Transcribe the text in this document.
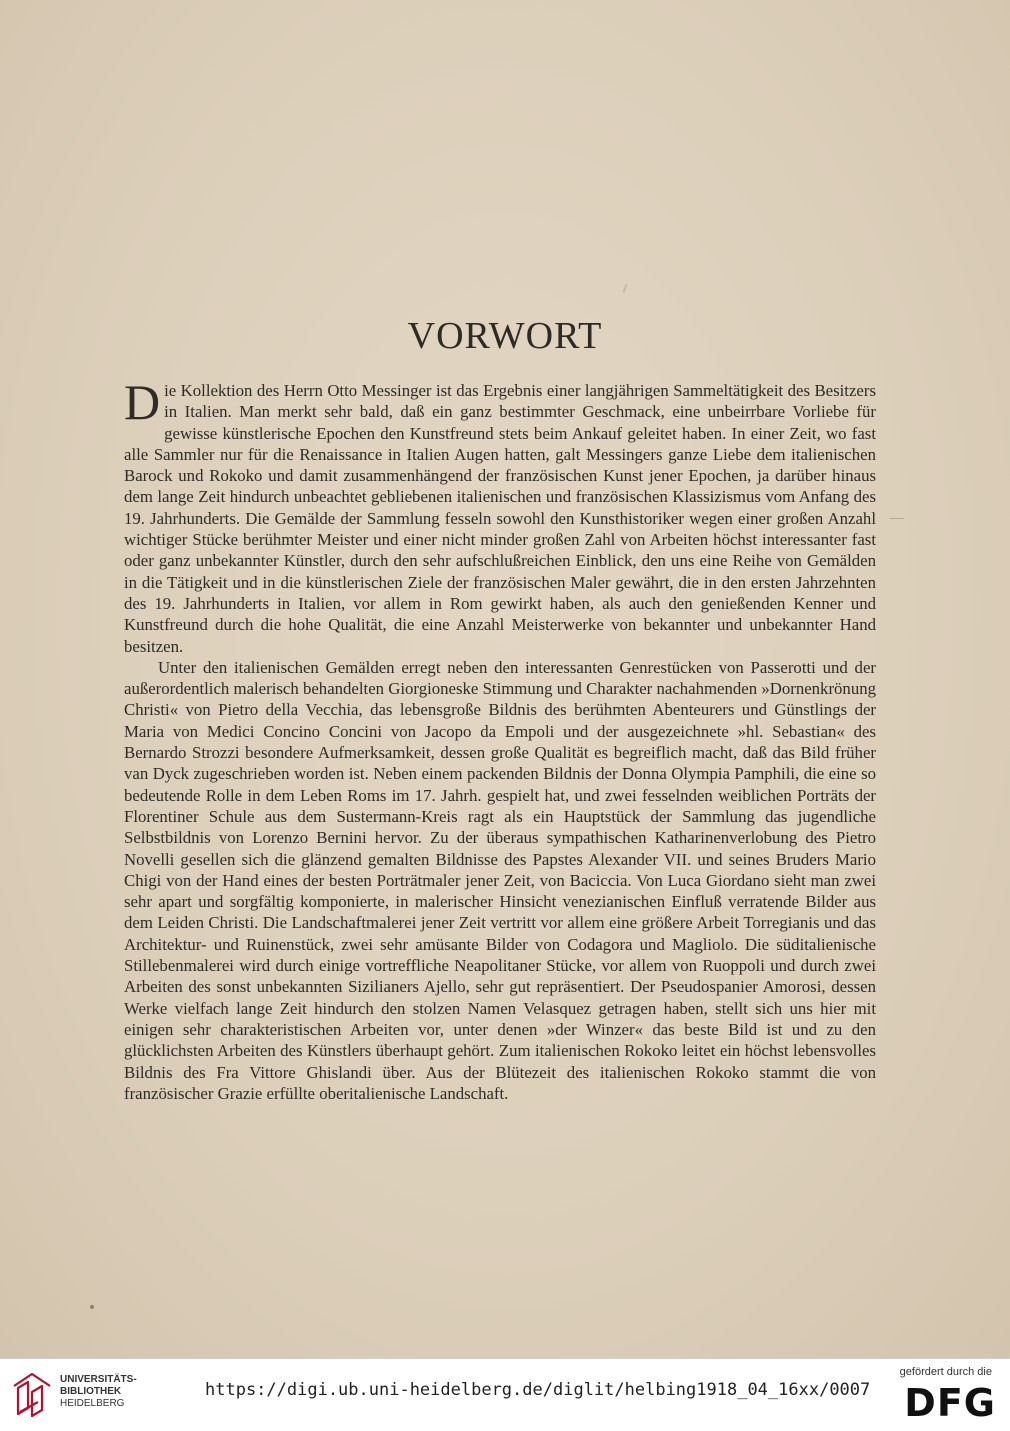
VORWORT

Die Kollektion des Herrn Otto Messinger ist das Ergebnis einer langjährigen Sammeltätigkeit des Besitzers in Italien. Man merkt sehr bald, daß ein ganz bestimmter Geschmack, eine unbeirrbare Vorliebe für gewisse künstlerische Epochen den Kunstfreund stets beim Ankauf geleitet haben. In einer Zeit, wo fast alle Sammler nur für die Renaissance in Italien Augen hatten, galt Messingers ganze Liebe dem italienischen Barock und Rokoko und damit zusammenhängend der französischen Kunst jener Epochen, ja darüber hinaus dem lange Zeit hindurch unbeachtet gebliebenen italienischen und französischen Klassizismus vom Anfang des 19. Jahrhunderts. Die Gemälde der Sammlung fesseln sowohl den Kunsthistoriker wegen einer großen Anzahl wichtiger Stücke berühmter Meister und einer nicht minder großen Zahl von Arbeiten höchst interessanter fast oder ganz unbekannter Künstler, durch den sehr aufschlußreichen Einblick, den uns eine Reihe von Gemälden in die Tätigkeit und in die künstlerischen Ziele der französischen Maler gewährt, die in den ersten Jahrzehnten des 19. Jahrhunderts in Italien, vor allem in Rom gewirkt haben, als auch den genießenden Kenner und Kunstfreund durch die hohe Qualität, die eine Anzahl Meisterwerke von bekannter und unbekannter Hand besitzen.

Unter den italienischen Gemälden erregt neben den interessanten Genrestücken von Passerotti und der außerordentlich malerisch behandelten Giorgioneske Stimmung und Charakter nachahmenden »Dornenkrönung Christi« von Pietro della Vecchia, das lebensgroße Bildnis des berühmten Abenteurers und Günstlings der Maria von Medici Concino Concini von Jacopo da Empoli und der ausgezeichnete »hl. Sebastian« des Bernardo Strozzi besondere Aufmerksamkeit, dessen große Qualität es begreiflich macht, daß das Bild früher van Dyck zugeschrieben worden ist. Neben einem packenden Bildnis der Donna Olympia Pamphili, die eine so bedeutende Rolle in dem Leben Roms im 17. Jahrh. gespielt hat, und zwei fesselnden weiblichen Porträts der Florentiner Schule aus dem Sustermann-Kreis ragt als ein Hauptstück der Sammlung das jugendliche Selbstbildnis von Lorenzo Bernini hervor. Zu der überaus sympathischen Katharinenverlobung des Pietro Novelli gesellen sich die glänzend gemalten Bildnisse des Papstes Alexander VII. und seines Bruders Mario Chigi von der Hand eines der besten Porträtmaler jener Zeit, von Baciccia. Von Luca Giordano sieht man zwei sehr apart und sorgfältig komponierte, in malerischer Hinsicht venezianischen Einfluß verratende Bilder aus dem Leiden Christi. Die Landschaftmalerei jener Zeit vertritt vor allem eine größere Arbeit Torregianis und das Architektur- und Ruinenstück, zwei sehr amüsante Bilder von Codagora und Magliolo. Die süditalienische Stillebenmalerei wird durch einige vortreffliche Neapolitaner Stücke, vor allem von Ruoppoli und durch zwei Arbeiten des sonst unbekannten Sizilianers Ajello, sehr gut repräsentiert. Der Pseudospanier Amorosi, dessen Werke vielfach lange Zeit hindurch den stolzen Namen Velasquez getragen haben, stellt sich uns hier mit einigen sehr charakteristischen Arbeiten vor, unter denen »der Winzer« das beste Bild ist und zu den glücklichsten Arbeiten des Künstlers überhaupt gehört. Zum italienischen Rokoko leitet ein höchst lebensvolles Bildnis des Fra Vittore Ghislandi über. Aus der Blütezeit des italienischen Rokoko stammt die von französischer Grazie erfüllte oberitalienische Landschaft.

UNIVERSITÄTS-
BIBLIOTHEK
HEIDELBERG
https://digi.ub.uni-heidelberg.de/diglit/helbing1918_04_16xx/0007
gefördert durch die
DFG
